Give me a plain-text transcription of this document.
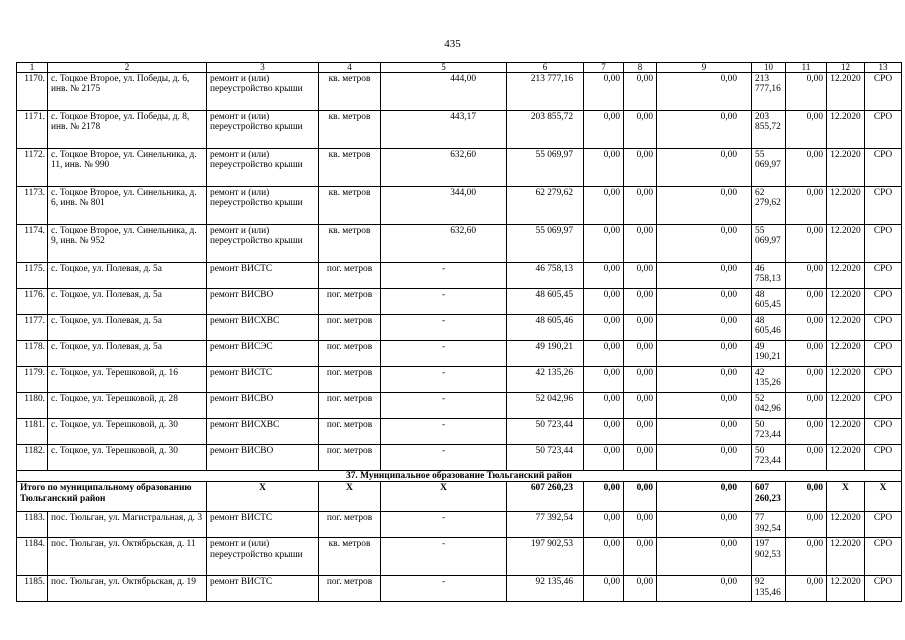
435
1	2	3	4	5	6	7	8	9	10	11	12	13
1170.	с. Тоцкое Второе, ул. Победы, д. 6, инв. № 2175	ремонт и (или) переустройство крыши	кв. метров	444,00	213 777,16	0,00	0,00	0,00	213 777,16	0,00	12.2020	СРО
1171.	с. Тоцкое Второе, ул. Победы, д. 8, инв. № 2178	ремонт и (или) переустройство крыши	кв. метров	443,17	203 855,72	0,00	0,00	0,00	203 855,72	0,00	12.2020	СРО
1172.	с. Тоцкое Второе, ул. Синельника, д. 11, инв. № 990	ремонт и (или) переустройство крыши	кв. метров	632,60	55 069,97	0,00	0,00	0,00	55 069,97	0,00	12.2020	СРО
1173.	с. Тоцкое Второе, ул. Синельника, д. 6, инв. № 801	ремонт и (или) переустройство крыши	кв. метров	344,00	62 279,62	0,00	0,00	0,00	62 279,62	0,00	12.2020	СРО
1174.	с. Тоцкое Второе, ул. Синельника, д. 9, инв. № 952	ремонт и (или) переустройство крыши	кв. метров	632,60	55 069,97	0,00	0,00	0,00	55 069,97	0,00	12.2020	СРО
1175.	с. Тоцкое, ул. Полевая, д. 5а	ремонт ВИСТС	пог. метров	-	46 758,13	0,00	0,00	0,00	46 758,13	0,00	12.2020	СРО
1176.	с. Тоцкое, ул. Полевая, д. 5а	ремонт ВИСВО	пог. метров	-	48 605,45	0,00	0,00	0,00	48 605,45	0,00	12.2020	СРО
1177.	с. Тоцкое, ул. Полевая, д. 5а	ремонт ВИСХВС	пог. метров	-	48 605,46	0,00	0,00	0,00	48 605,46	0,00	12.2020	СРО
1178.	с. Тоцкое, ул. Полевая, д. 5а	ремонт ВИСЭС	пог. метров	-	49 190,21	0,00	0,00	0,00	49 190,21	0,00	12.2020	СРО
1179.	с. Тоцкое, ул. Терешковой, д. 16	ремонт ВИСТС	пог. метров	-	42 135,26	0,00	0,00	0,00	42 135,26	0,00	12.2020	СРО
1180.	с. Тоцкое, ул. Терешковой, д. 28	ремонт ВИСВО	пог. метров	-	52 042,96	0,00	0,00	0,00	52 042,96	0,00	12.2020	СРО
1181.	с. Тоцкое, ул. Терешковой, д. 30	ремонт ВИСХВС	пог. метров	-	50 723,44	0,00	0,00	0,00	50 723,44	0,00	12.2020	СРО
1182.	с. Тоцкое, ул. Терешковой, д. 30	ремонт ВИСВО	пог. метров	-	50 723,44	0,00	0,00	0,00	50 723,44	0,00	12.2020	СРО
37. Муниципальное образование Тюльганский район												
Итого по муниципальному образованию Тюльганский район		X	X	X	607 260,23	0,00	0,00	0,00	607 260,23	0,00	X	X
1183.	пос. Тюльган, ул. Магистральная, д. 3	ремонт ВИСТС	пог. метров	-	77 392,54	0,00	0,00	0,00	77 392,54	0,00	12.2020	СРО
1184.	пос. Тюльган, ул. Октябрьская, д. 11	ремонт и (или) переустройство крыши	кв. метров	-	197 902,53	0,00	0,00	0,00	197 902,53	0,00	12.2020	СРО
1185.	пос. Тюльган, ул. Октябрьская, д. 19	ремонт ВИСТС	пог. метров	-	92 135,46	0,00	0,00	0,00	92 135,46	0,00	12.2020	СРО
